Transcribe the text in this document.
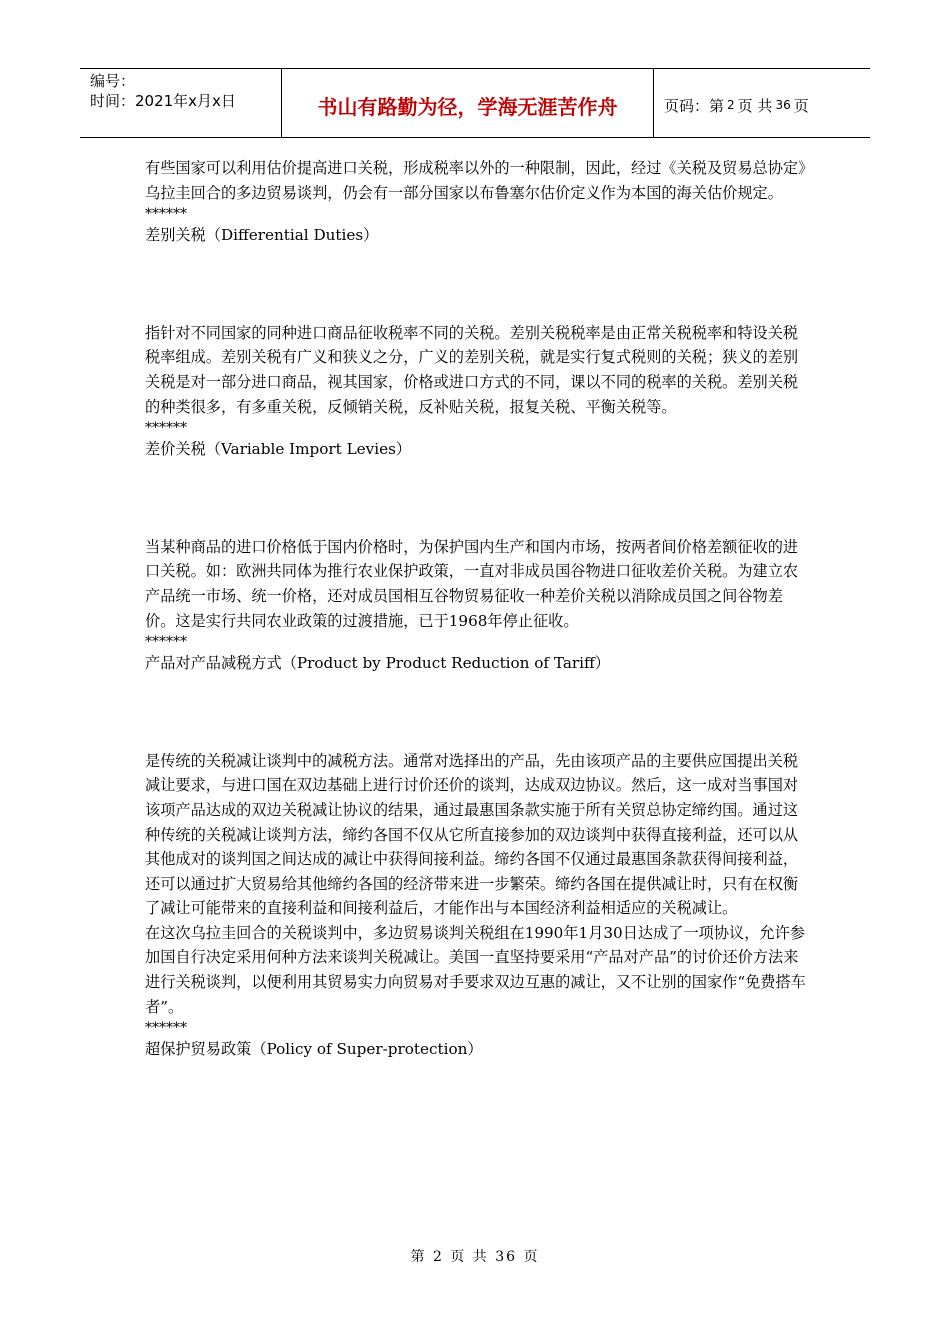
编号：
时间：2021年x月x日	书山有路勤为径，学海无涯苦作舟	页码：第 2 页 共 36 页

有些国家可以利用估价提高进口关税，形成税率以外的一种限制，因此，经过《关税及贸易总协定》乌拉圭回合的多边贸易谈判，仍会有一部分国家以布鲁塞尔估价定义作为本国的海关估价规定。

******

差别关税（Differential Duties）

指针对不同国家的同种进口商品征收税率不同的关税。差别关税税率是由正常关税税率和特设关税税率组成。差别关税有广义和狭义之分，广义的差别关税，就是实行复式税则的关税；狭义的差别关税是对一部分进口商品，视其国家，价格或进口方式的不同，课以不同的税率的关税。差别关税的种类很多，有多重关税，反倾销关税，反补贴关税，报复关税、平衡关税等。

******

差价关税（Variable Import Levies）

当某种商品的进口价格低于国内价格时，为保护国内生产和国内市场，按两者间价格差额征收的进口关税。如：欧洲共同体为推行农业保护政策，一直对非成员国谷物进口征收差价关税。为建立农产品统一市场、统一价格，还对成员国相互谷物贸易征收一种差价关税以消除成员国之间谷物差价。这是实行共同农业政策的过渡措施，已于1968年停止征收。

******

产品对产品减税方式（Product by Product Reduction of Tariff）

是传统的关税减让谈判中的减税方法。通常对选择出的产品，先由该项产品的主要供应国提出关税减让要求，与进口国在双边基础上进行讨价还价的谈判，达成双边协议。然后，这一成对当事国对该项产品达成的双边关税减让协议的结果，通过最惠国条款实施于所有关贸总协定缔约国。通过这种传统的关税减让谈判方法，缔约各国不仅从它所直接参加的双边谈判中获得直接利益，还可以从其他成对的谈判国之间达成的减让中获得间接利益。缔约各国不仅通过最惠国条款获得间接利益，还可以通过扩大贸易给其他缔约各国的经济带来进一步繁荣。缔约各国在提供减让时，只有在权衡了减让可能带来的直接利益和间接利益后，才能作出与本国经济利益相适应的关税减让。

在这次乌拉圭回合的关税谈判中，多边贸易谈判关税组在1990年1月30日达成了一项协议，允许参加国自行决定采用何种方法来谈判关税减让。美国一直坚持要采用“产品对产品”的讨价还价方法来进行关税谈判，以便利用其贸易实力向贸易对手要求双边互惠的减让，又不让别的国家作“免费搭车者”。

******

超保护贸易政策（Policy of Super-protection）

第 2 页 共 36 页
